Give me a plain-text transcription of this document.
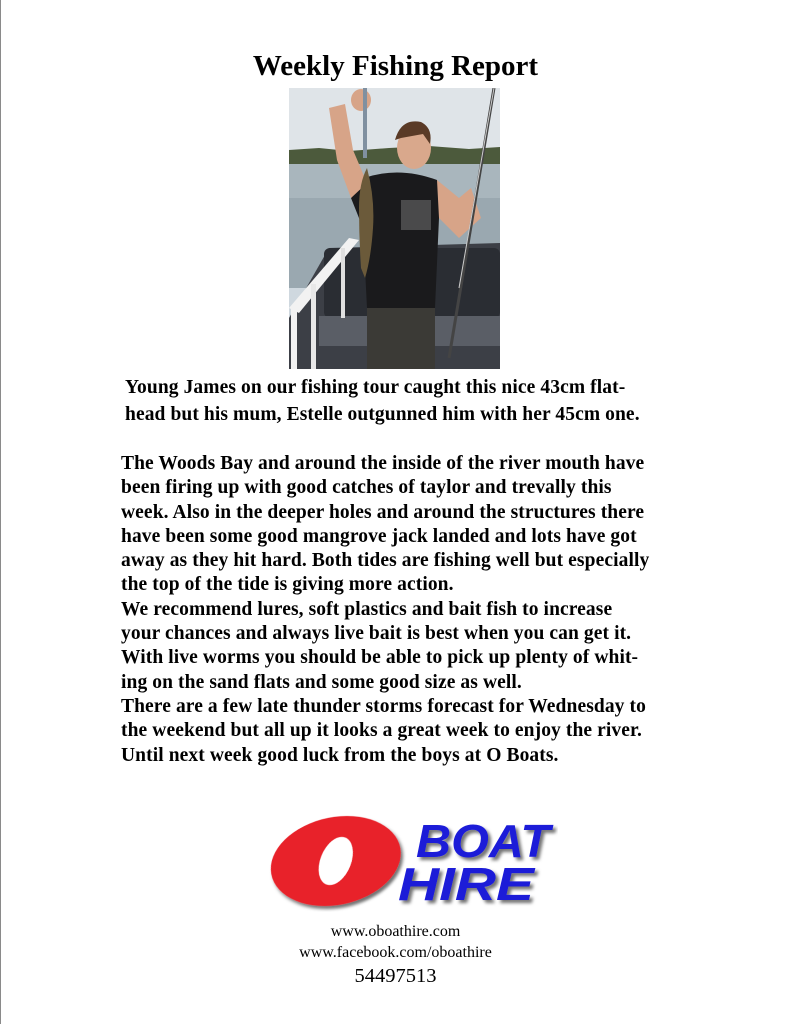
Weekly Fishing Report
Young James on our fishing tour caught this nice 43cm flat-
head but his mum, Estelle outgunned him with her 45cm one.
The Woods Bay and around the inside of the river mouth have
been firing up with good catches of taylor and trevally this
week. Also in the deeper holes and around the structures there
have been some good mangrove jack landed and lots have got
away as they hit hard. Both tides are fishing well but especially
the top of the tide is giving more action.
We recommend lures, soft plastics and bait fish to increase
your chances and always live bait is best when you can get it.
With live worms you should be able to pick up plenty of whit-
ing on the sand flats and some good size as well.
There are a few late thunder storms forecast for Wednesday to
the weekend but all up it looks a great week to enjoy the river.
Until next week good luck from the boys at O Boats.
BOAT
HIRE
www.oboathire.com
www.facebook.com/oboathire
54497513
